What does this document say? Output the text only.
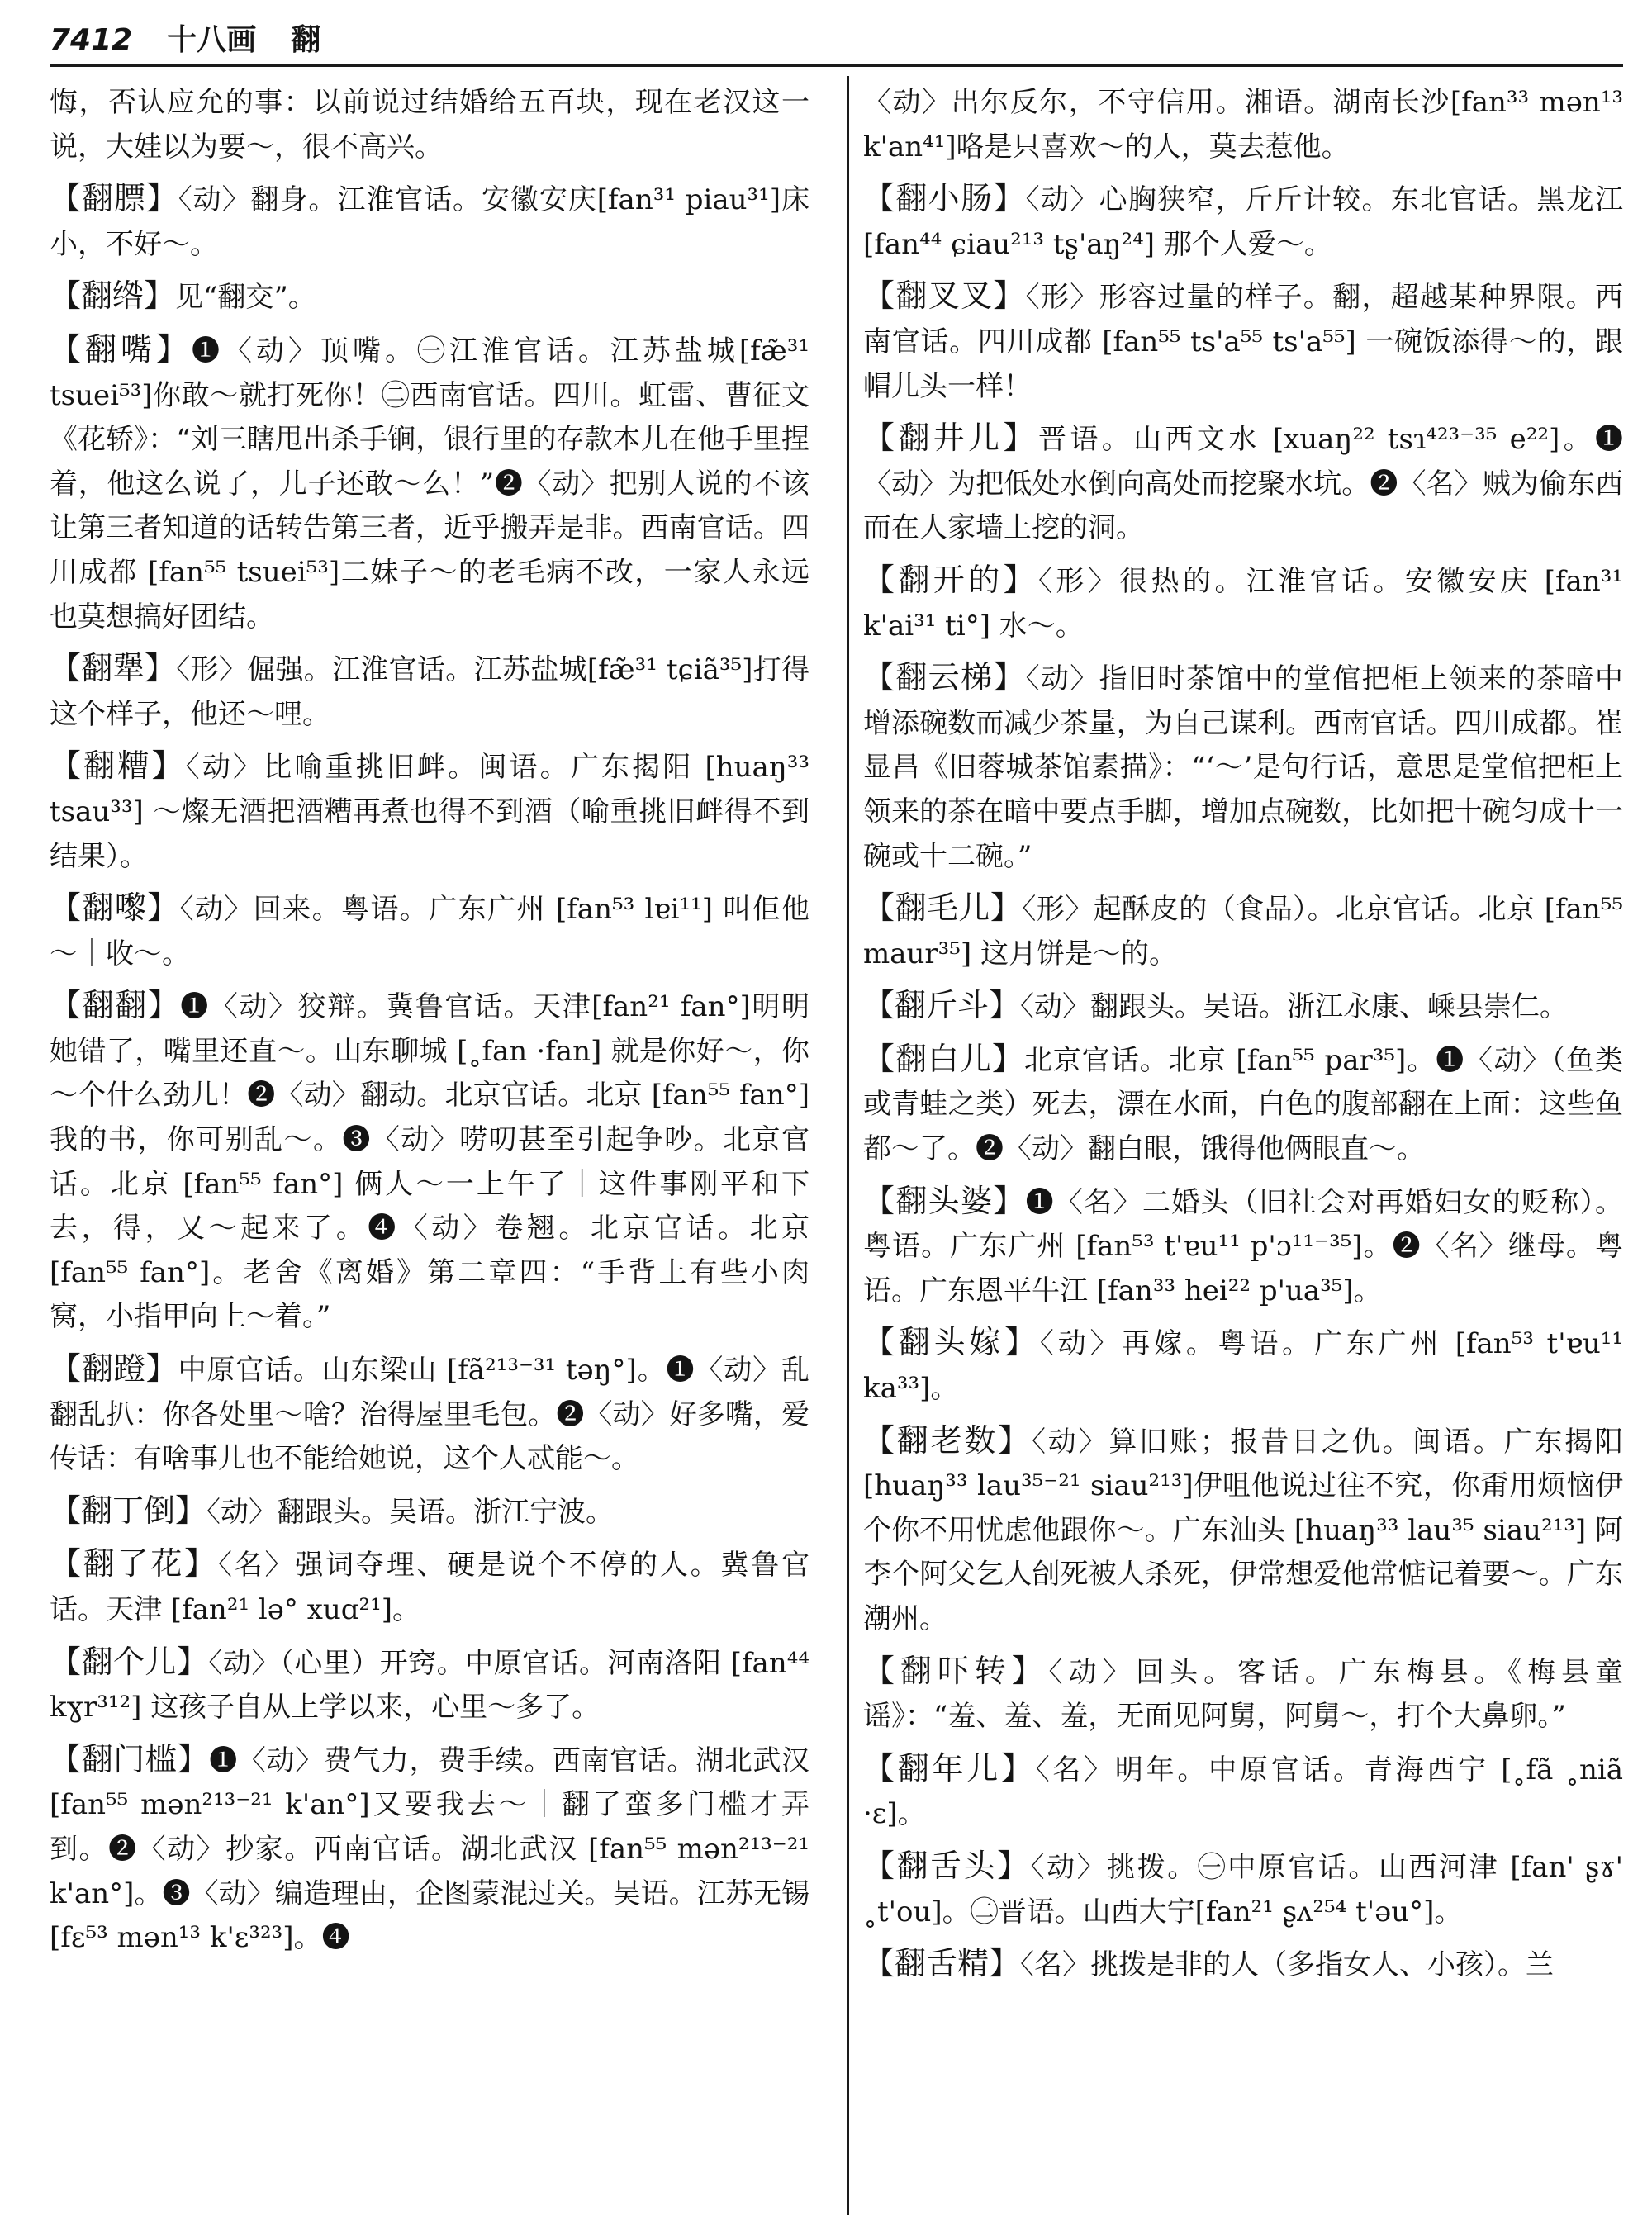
7412 十八画 翻

悔，否认应允的事：以前说过结婚给五百块，现在老汉这一说，大娃以为要～，很不高兴。

【翻膘】〈动〉翻身。江淮官话。安徽安庆[fan³¹ piau³¹]床小，不好～。

【翻绺】见“翻交”。

【翻嘴】❶〈动〉顶嘴。㊀江淮官话。江苏盐城[fæ̃³¹ tsuei⁵³]你敢～就打死你！㊁西南官话。四川。虹雷、曹征文《花轿》：“刘三瞎甩出杀手锏，银行里的存款本儿在他手里捏着，他这么说了，儿子还敢～么！”❷〈动〉把别人说的不该让第三者知道的话转告第三者，近乎搬弄是非。西南官话。四川成都 [fan⁵⁵ tsuei⁵³]二妹子～的老毛病不改，一家人永远也莫想搞好团结。

【翻犟】〈形〉倔强。江淮官话。江苏盐城[fæ̃³¹ tɕiã³⁵]打得这个样子，他还～哩。

【翻糟】〈动〉比喻重挑旧衅。闽语。广东揭阳 [huaŋ³³ tsau³³] ～燦无酒把酒糟再煮也得不到酒（喻重挑旧衅得不到结果）。

【翻嚟】〈动〉回来。粤语。广东广州 [fan⁵³ lɐi¹¹] 叫佢他～｜收～。

【翻翻】❶〈动〉狡辩。冀鲁官话。天津[fan²¹ fan°]明明她错了，嘴里还直～。山东聊城 [˳fan ·fan] 就是你好～，你～个什么劲儿！❷〈动〉翻动。北京官话。北京 [fan⁵⁵ fan°] 我的书，你可别乱～。❸〈动〉唠叨甚至引起争吵。北京官话。北京 [fan⁵⁵ fan°] 俩人～一上午了｜这件事刚平和下去，得，又～起来了。❹〈动〉卷翘。北京官话。北京 [fan⁵⁵ fan°]。老舍《离婚》第二章四：“手背上有些小肉窝，小指甲向上～着。”

【翻蹬】中原官话。山东梁山 [fã²¹³⁻³¹ təŋ°]。❶〈动〉乱翻乱扒：你各处里～啥？治得屋里毛包。❷〈动〉好多嘴，爱传话：有啥事儿也不能给她说，这个人忒能～。

【翻丁倒】〈动〉翻跟头。吴语。浙江宁波。

【翻了花】〈名〉强词夺理、硬是说个不停的人。冀鲁官话。天津 [fan²¹ lə° xuɑ²¹]。

【翻个儿】〈动〉（心里）开窍。中原官话。河南洛阳 [fan⁴⁴ kɣr³¹²] 这孩子自从上学以来，心里～多了。

【翻门槛】❶〈动〉费气力，费手续。西南官话。湖北武汉 [fan⁵⁵ mən²¹³⁻²¹ k'an°]又要我去～｜翻了蛮多门槛才弄到。❷〈动〉抄家。西南官话。湖北武汉 [fan⁵⁵ mən²¹³⁻²¹ k'an°]。❸〈动〉编造理由，企图蒙混过关。吴语。江苏无锡 [fɛ⁵³ mən¹³ k'ɛ³²³]。❹

〈动〉出尔反尔，不守信用。湘语。湖南长沙[fan³³ mən¹³ k'an⁴¹]咯是只喜欢～的人，莫去惹他。

【翻小肠】〈动〉心胸狭窄，斤斤计较。东北官话。黑龙江 [fan⁴⁴ ɕiau²¹³ tʂ'aŋ²⁴] 那个人爱～。

【翻叉叉】〈形〉形容过量的样子。翻，超越某种界限。西南官话。四川成都 [fan⁵⁵ ts'a⁵⁵ ts'a⁵⁵] 一碗饭添得～的，跟帽儿头一样！

【翻井儿】晋语。山西文水 [xuaŋ²² tsɿ⁴²³⁻³⁵ e²²]。❶〈动〉为把低处水倒向高处而挖聚水坑。❷〈名〉贼为偷东西而在人家墙上挖的洞。

【翻开的】〈形〉很热的。江淮官话。安徽安庆 [fan³¹ k'ai³¹ ti°] 水～。

【翻云梯】〈动〉指旧时茶馆中的堂倌把柜上领来的茶暗中增添碗数而减少茶量，为自己谋利。西南官话。四川成都。崔显昌《旧蓉城茶馆素描》：“‘～’是句行话，意思是堂倌把柜上领来的茶在暗中要点手脚，增加点碗数，比如把十碗匀成十一碗或十二碗。”

【翻毛儿】〈形〉起酥皮的（食品）。北京官话。北京 [fan⁵⁵ maur³⁵] 这月饼是～的。

【翻斤斗】〈动〉翻跟头。吴语。浙江永康、嵊县崇仁。

【翻白儿】北京官话。北京 [fan⁵⁵ par³⁵]。❶〈动〉（鱼类或青蛙之类）死去，漂在水面，白色的腹部翻在上面：这些鱼都～了。❷〈动〉翻白眼，饿得他俩眼直～。

【翻头婆】❶〈名〉二婚头（旧社会对再婚妇女的贬称）。粤语。广东广州 [fan⁵³ t'ɐu¹¹ p'ɔ¹¹⁻³⁵]。❷〈名〉继母。粤语。广东恩平牛江 [fan³³ hei²² p'ua³⁵]。

【翻头嫁】〈动〉再嫁。粤语。广东广州 [fan⁵³ t'ɐu¹¹ ka³³]。

【翻老数】〈动〉算旧账；报昔日之仇。闽语。广东揭阳 [huaŋ³³ lau³⁵⁻²¹ siau²¹³]伊咀他说过往不究，你甭用烦恼伊个你不用忧虑他跟你～。广东汕头 [huaŋ³³ lau³⁵ siau²¹³] 阿李个阿父乞人刣死被人杀死，伊常想爱他常惦记着要～。广东潮州。

【翻吓转】〈动〉回头。客话。广东梅县。《梅县童谣》：“羞、羞、羞，无面见阿舅，阿舅～，打个大鼻卵。”

【翻年儿】〈名〉明年。中原官话。青海西宁 [˳fã ˳niã ·ɛ]。

【翻舌头】〈动〉挑拨。㊀中原官话。山西河津 [fan' ʂɤ' ˳t'ou]。㊁晋语。山西大宁[fan²¹ ʂʌ²⁵⁴ t'əu°]。

【翻舌精】〈名〉挑拨是非的人（多指女人、小孩）。兰
